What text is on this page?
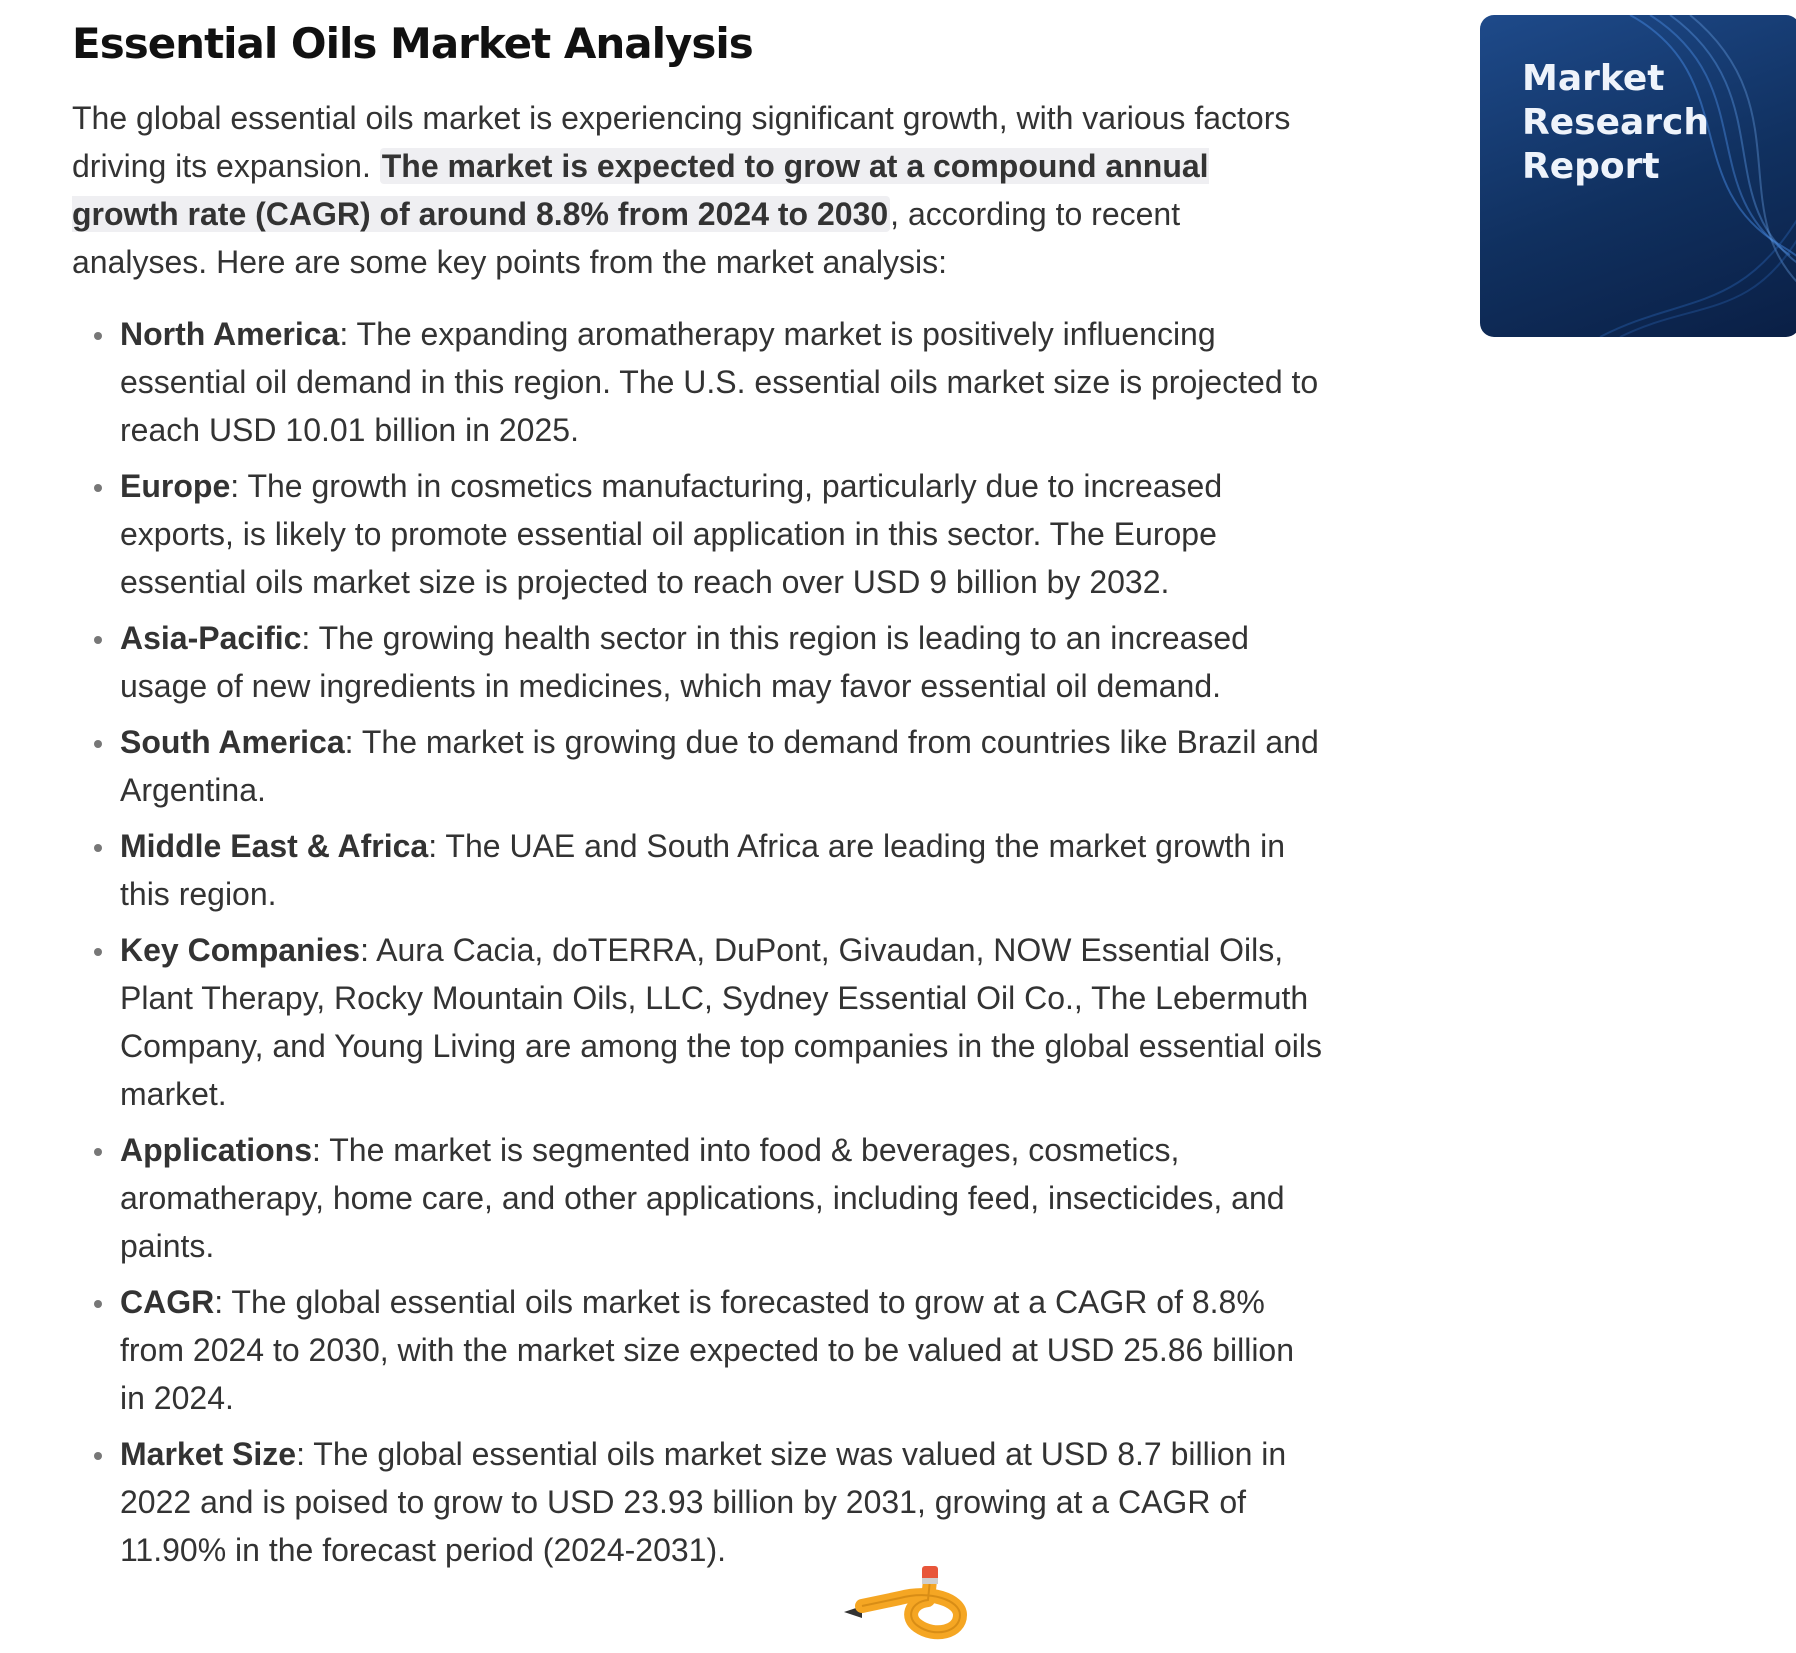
Essential Oils Market Analysis

The global essential oils market is experiencing significant growth, with various factors driving its expansion. The market is expected to grow at a compound annual growth rate (CAGR) of around 8.8% from 2024 to 2030, according to recent analyses. Here are some key points from the market analysis:

North America: The expanding aromatherapy market is positively influencing essential oil demand in this region. The U.S. essential oils market size is projected to reach USD 10.01 billion in 2025.
Europe: The growth in cosmetics manufacturing, particularly due to increased exports, is likely to promote essential oil application in this sector. The Europe essential oils market size is projected to reach over USD 9 billion by 2032.
Asia-Pacific: The growing health sector in this region is leading to an increased usage of new ingredients in medicines, which may favor essential oil demand.
South America: The market is growing due to demand from countries like Brazil and Argentina.
Middle East & Africa: The UAE and South Africa are leading the market growth in this region.
Key Companies: Aura Cacia, doTERRA, DuPont, Givaudan, NOW Essential Oils, Plant Therapy, Rocky Mountain Oils, LLC, Sydney Essential Oil Co., The Lebermuth Company, and Young Living are among the top companies in the global essential oils market.
Applications: The market is segmented into food & beverages, cosmetics, aromatherapy, home care, and other applications, including feed, insecticides, and paints.
CAGR: The global essential oils market is forecasted to grow at a CAGR of 8.8% from 2024 to 2030, with the market size expected to be valued at USD 25.86 billion in 2024.
Market Size: The global essential oils market size was valued at USD 8.7 billion in 2022 and is poised to grow to USD 23.93 billion by 2031, growing at a CAGR of 11.90% in the forecast period (2024-2031).
Market
Research
Report
